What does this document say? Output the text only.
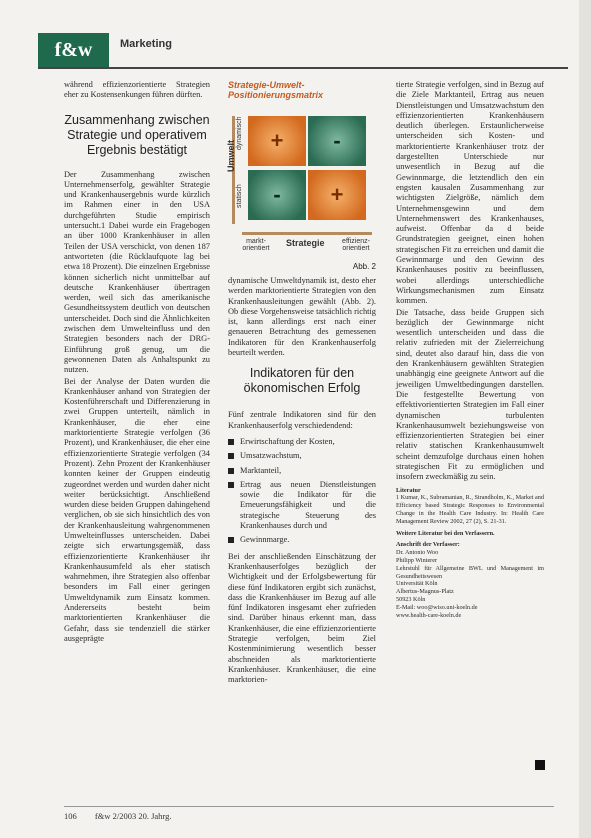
f&w	Marketing

während effizienzorientierte Strategien eher zu Kostensenkungen führen dürften.

Zusammenhang zwischen Strategie und operativem Ergebnis bestätigt

Der Zusammenhang zwischen Unternehmenserfolg, gewählter Strategie und Krankenhausergebnis wurde kürzlich im Rahmen einer in den USA durchgeführten Studie empirisch untersucht.1 Dabei wurde ein Fragebogen an über 1000 Krankenhäuser in allen Teilen der USA verschickt, von denen 187 antworteten (die Rücklaufquote lag bei etwa 18 Prozent). Die einzelnen Ergebnisse können sicherlich nicht unmittelbar auf deutsche Krankenhäuser übertragen werden, weil sich das amerikanische Gesundheitssystem deutlich von deutschen unterscheidet. Doch sind die Ähnlichkeiten zwischen dem Umwelteinfluss und den Strategien besonders nach der DRG-Einführung groß genug, um die gewonnenen Daten als Anhaltspunkt zu nutzen.

Bei der Analyse der Daten wurden die Krankenhäuser anhand von Strategien der Kostenführerschaft und Differenzierung in zwei Gruppen unterteilt, nämlich in Krankenhäuser, die eher eine marktorientierte Strategie verfolgen (36 Prozent), und Krankenhäuser, die eher eine effizienzorientierte Strategie verfolgen (34 Prozent). Zehn Prozent der Krankenhäuser konnten keiner der Gruppen eindeutig zugeordnet werden und wurden daher nicht weiter berücksichtigt. Anschließend wurden diese beiden Gruppen dahingehend verglichen, ob sie sich hinsichtlich des von der Krankenhausleitung wahrgenommenen Umwelteinflusses unterscheiden. Dabei zeigte sich erwartungsgemäß, dass effizienzorientierte Krankenhäuser ihr Krankenhausumfeld als eher statisch wahrnehmen, ihre Strategien also offenbar besonders im Fall einer geringen Umweltdynamik zum Einsatz kommen. Andererseits besteht beim marktorientierten Krankenhäuser die Gefahr, dass sie tendenziell die stärker ausgeprägte

Strategie-Umwelt-Positionierungsmatrix
Umwelt
dynamisch
statisch
+	-
-	+
markt-orientiert
Strategie	effizienz-orientiert
Abb. 2

dynamische Umweltdynamik ist, desto eher werden marktorientierte Strategien von den Krankenhausleitungen gewählt (Abb. 2). Ob diese Vorgehensweise tatsächlich richtig ist, kann allerdings erst nach einer genaueren Betrachtung des gemessenen Indikatoren für den Krankenhauserfolg beurteilt werden.

Indikatoren für den ökonomischen Erfolg

Fünf zentrale Indikatoren sind für den Krankenhauserfolg verschiedendend:

Erwirtschaftung der Kosten,
Umsatzwachstum,
Marktanteil,
Ertrag aus neuen Dienstleistungen sowie die Indikator für die Erneuerungsfähigkeit und die strategische Steuerung des Krankenhauses durch und
Gewinnmarge.

Bei der anschließenden Einschätzung der Krankenhauserfolges bezüglich der Wichtigkeit und der Erfolgsbewertung für diese fünf Indikatoren ergibt sich zunächst, dass die Krankenhäuser im Bezug auf alle fünf Indikatoren insgesamt eher zufrieden sind. Darüber hinaus erkennt man, dass Krankenhäuser, die eine effizienzorientierte Strategie verfolgen, beim Ziel Kostenminimierung wesentlich besser abschneiden als marktorientierte Krankenhäuser. Krankenhäuser, die eine marktorien-

tierte Strategie verfolgen, sind in Bezug auf die Ziele Marktanteil, Ertrag aus neuen Dienstleistungen und Umsatzwachstum den effizienzorientierten Krankenhäusern deutlich überlegen. Erstaunlicherweise unterscheiden sich Kosten- und marktorientierte Krankenhäuser trotz der dargestellten Unterschiede nur unwesentlich in Bezug auf die Gewinnmarge, die letztendlich den ein engsten kausalen Zusammenhang zur wichtigsten Zielgröße, nämlich dem Unternehmensgewinn und dem Unternehmenswert des Krankenhauses, aufweist. Offenbar da d beide Grundstrategien geeignet, einen hohen strategischen Fit zu erreichen und damit die Gewinnmarge und den Gewinn des Krankenhauses positiv zu beeinflussen, wobei allerdings unterschiedliche Wirkungsmechanismen zum Einsatz kommen.

Die Tatsache, dass beide Gruppen sich bezüglich der Gewinnmarge nicht wesentlich unterscheiden und dass die relativ zufrieden mit der Zielerreichung sind, deutet also darauf hin, dass die von den Krankenhäusern gewählten Strategien unabhängig eine geeignete Antwort auf die jeweiligen Umweltbedingungen darstellen. Die festgestellte Bewertung von effektivorientierten Strategien im Fall einer dynamischen turbulenten Krankenhausumwelt beziehungsweise von effizienzorientierten Strategien bei einer relativ statischen Krankenhausumwelt scheint demzufolge durchaus einen hohen strategischen Fit zu ermöglichen und insofern zweckmäßig zu sein.

Literatur
1 Kumar, K., Subramanian, R., Strandholm, K., Market and Efficiency based Strategic Responses to Environmental Change in the Health Care Industry. In: Health Care Management Review 2002, 27 (2), S. 21-31.
Weitere Literatur bei den Verfassern.
Anschrift der Verfasser:
Dr. Antonio Woo
Philipp Winterer
Lehrstuhl für Allgemeine BWL und Management im Gesundheitswesen
Universität Köln
Albertus-Magnus-Platz
50923 Köln
E-Mail: woo@wiso.uni-koeln.de
www.health-care-koeln.de
106 f&w 2/2003 20. Jahrg.
